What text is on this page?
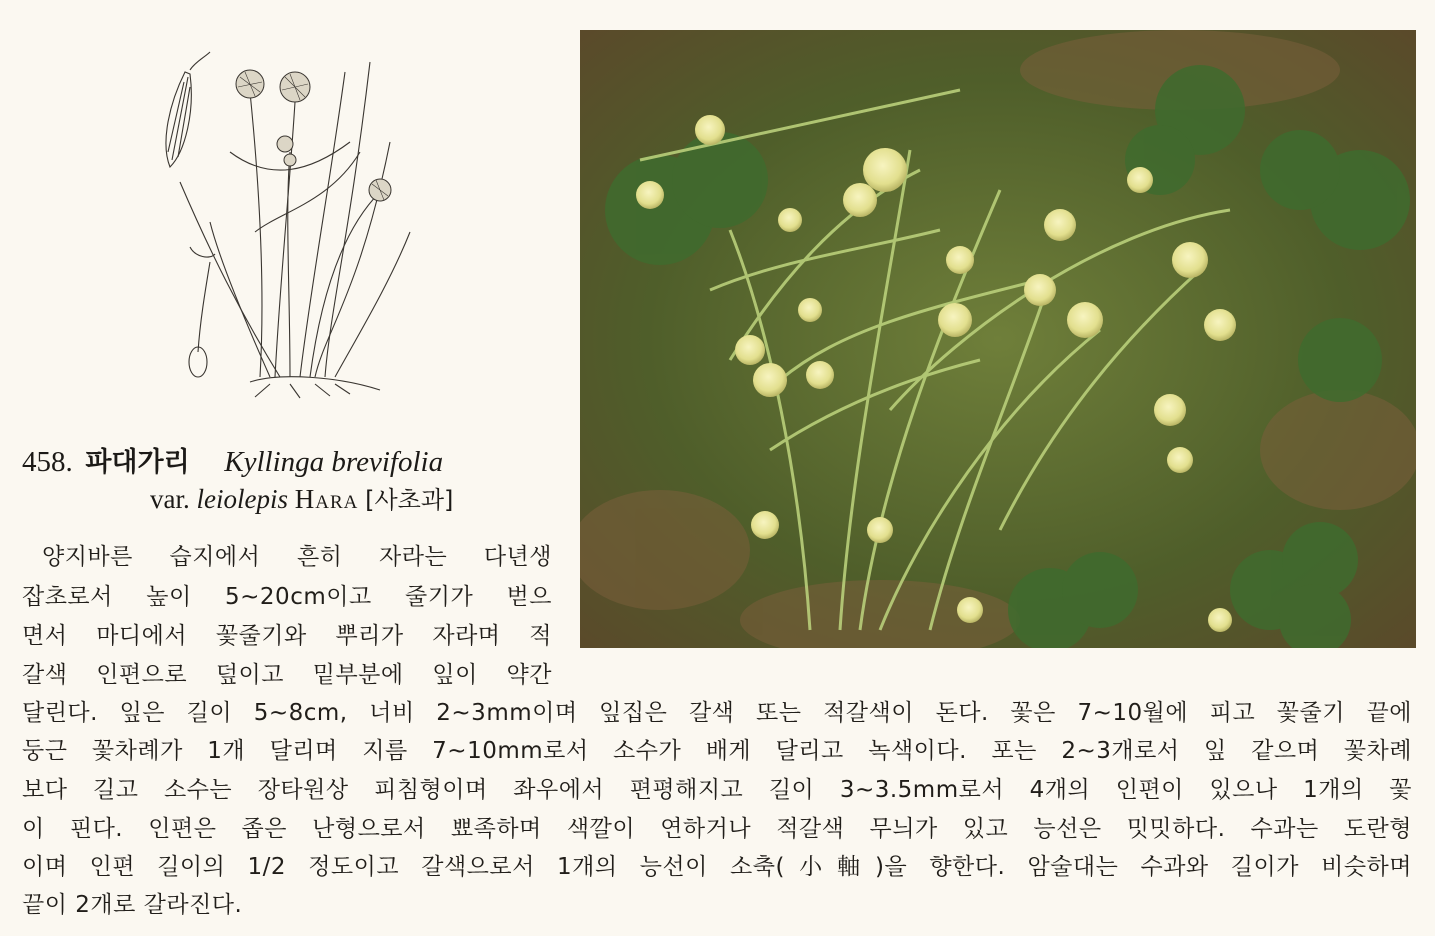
458. 파대가리 Kyllinga brevifolia
var. leiolepis Hara [사초과]
양지바른 습지에서 흔히 자라는 다년생
잡초로서 높이 5∼20cm이고 줄기가 벋으
면서 마디에서 꽃줄기와 뿌리가 자라며 적
갈색 인편으로 덮이고 밑부분에 잎이 약간
달린다. 잎은 길이 5∼8cm, 너비 2∼3mm이며 잎집은 갈색 또는 적갈색이 돈다. 꽃은 7∼10월에 피고 꽃줄기 끝에
둥근 꽃차례가 1개 달리며 지름 7∼10mm로서 소수가 배게 달리고 녹색이다. 포는 2∼3개로서 잎 같으며 꽃차례
보다 길고 소수는 장타원상 피침형이며 좌우에서 편평해지고 길이 3∼3.5mm로서 4개의 인편이 있으나 1개의 꽃
이 핀다. 인편은 좁은 난형으로서 뾰족하며 색깔이 연하거나 적갈색 무늬가 있고 능선은 밋밋하다. 수과는 도란형
이며 인편 길이의 1/2 정도이고 갈색으로서 1개의 능선이 소축(小軸)을 향한다. 암술대는 수과와 길이가 비슷하며
끝이 2개로 갈라진다.
